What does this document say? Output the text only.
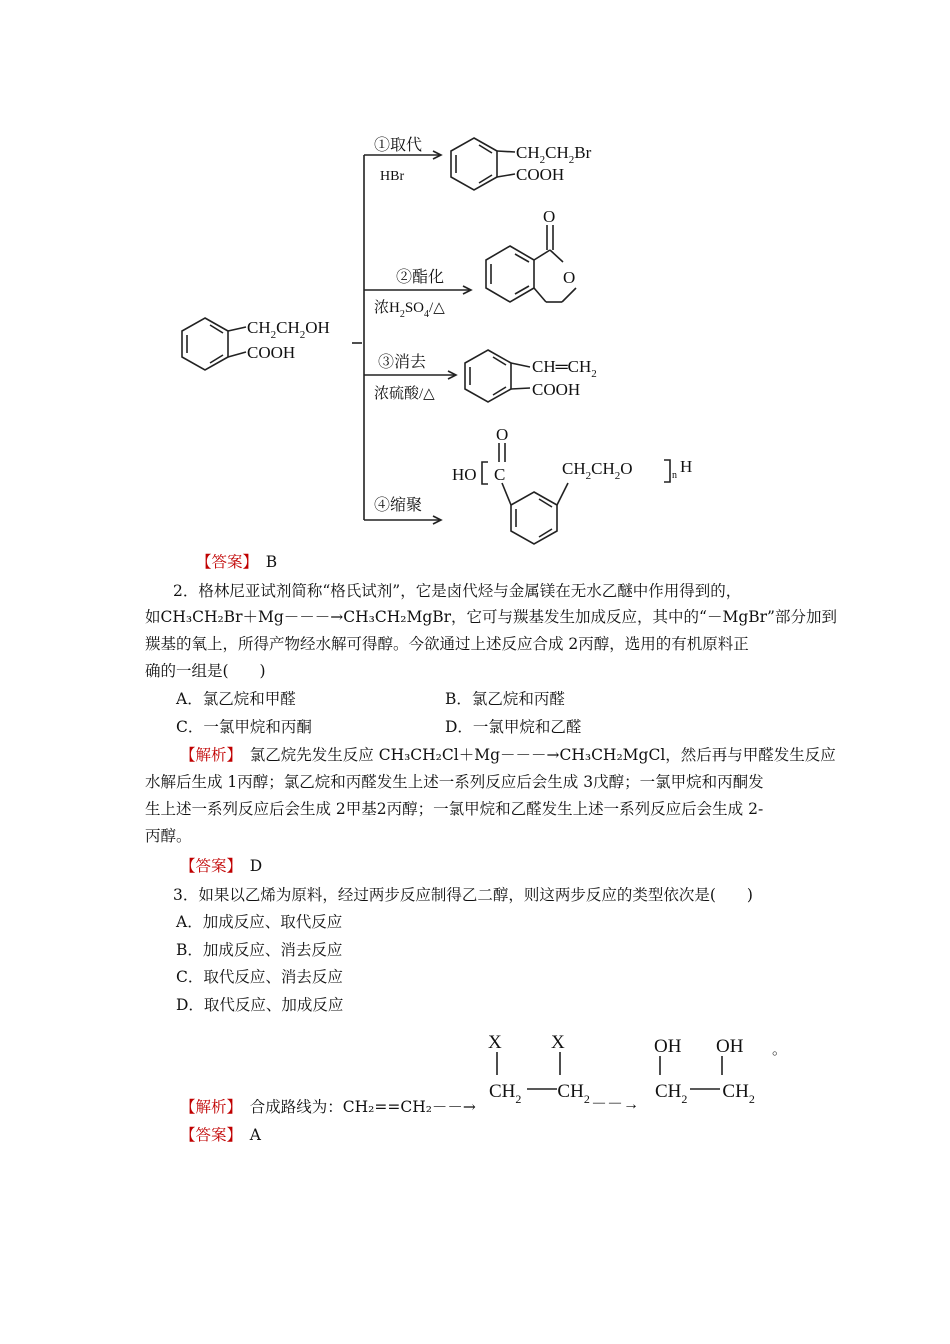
$CH_2CH_2OH$
COOH
①取代
HBr
$CH_2CH_2Br$
COOH
②酯化
浓$H_2SO_4/\triangle$
O
O
③消去
浓硫酸/△
$CH═CH_2$
COOH
④缩聚
O
HO C	$CH_2CH_2O$	n H
X	X
$CH_2$ $CH_2$ －－→
OH OH
$CH_2$ $CH_2$
。
【答案】　 B
2．格林尼亚试剂简称“格氏试剂”，它是卤代烃与金属镁在无水乙醚中作用得到的，
如CH₃CH₂Br＋Mg－－－→CH₃CH₂MgBr，它可与羰基发生加成反应，其中的“－MgBr”部分加到
羰基的氧上，所得产物经水解可得醇。今欲通过上述反应合成 2丙醇，选用的有机原料正
确的一组是(　　)
A．氯乙烷和甲醛	B．氯乙烷和丙醛
C．一氯甲烷和丙酮	D．一氯甲烷和乙醛
【解析】　 氯乙烷先发生反应 CH₃CH₂Cl＋Mg－－－→CH₃CH₂MgCl，然后再与甲醛发生反应
水解后生成 1丙醇；氯乙烷和丙醛发生上述一系列反应后会生成 3戊醇；一氯甲烷和丙酮发
生上述一系列反应后会生成 2甲基2丙醇；一氯甲烷和乙醛发生上述一系列反应后会生成 2-
丙醇。
【答案】　 D
3．如果以乙烯为原料，经过两步反应制得乙二醇，则这两步反应的类型依次是(　　)
A．加成反应、取代反应
B．加成反应、消去反应
C．取代反应、消去反应
D．取代反应、加成反应
【解析】　 合成路线为：CH₂==CH₂－－→
【答案】　 A
